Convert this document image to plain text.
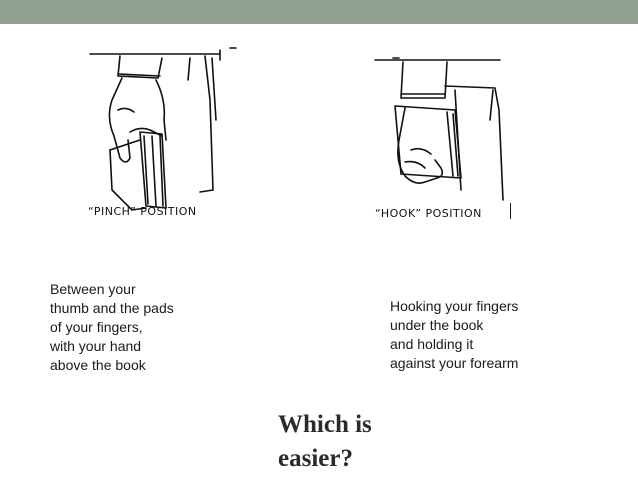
“PINCH” POSITION	“HOOK” POSITION
Between your
thumb and the pads
of your fingers,
with your hand
above the book
Hooking your fingers
under the book
and holding it
against your forearm
Which is
easier?
